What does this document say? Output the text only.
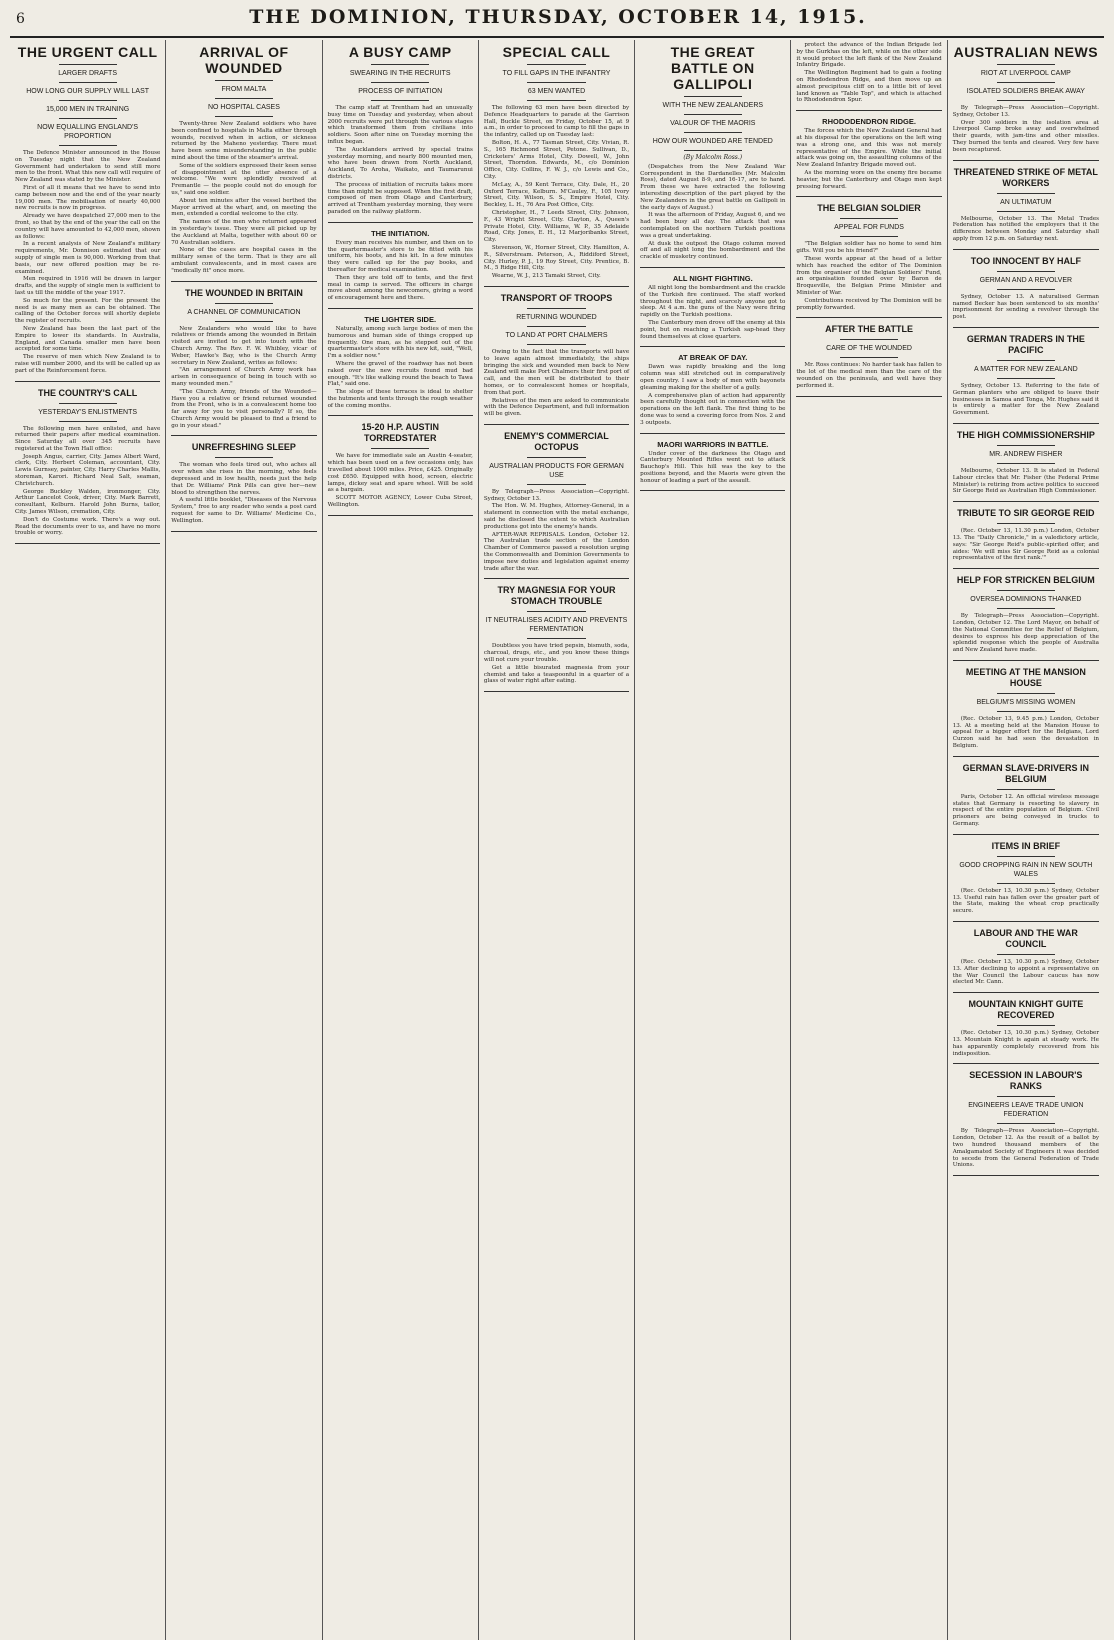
6	THE DOMINION, THURSDAY, OCTOBER 14, 1915.
THE URGENT CALL
LARGER DRAFTS
HOW LONG OUR SUPPLY WILL LAST
15,000 MEN IN TRAINING
NOW EQUALLING ENGLAND'S PROPORTION

The Defence Minister announced in the House on Tuesday night that the New Zealand Government had undertaken to send still more men to the front. What this new call will require of New Zealand was stated by the Minister.

First of all it means that we have to send into camp between now and the end of the year nearly 19,000 men. The mobilisation of nearly 40,000 new recruits is now in progress.

Already we have despatched 27,000 men to the front, so that by the end of the year the call on the country will have amounted to 42,000 men, shown as follows:

In a recent analysis of New Zealand's military requirements, Mr. Donnison estimated that our supply of single men is 90,000. Working from that basis, our new offered position may be re-examined.

Men required in 1916 will be drawn in larger drafts, and the supply of single men is sufficient to last us till the middle of the year 1917.

So much for the present. For the present the need is as many men as can be obtained. The calling of the October forces will shortly deplete the register of recruits.

New Zealand has been the last part of the Empire to lower its standards. In Australia, England, and Canada smaller men have been accepted for some time.

The reserve of men which New Zealand is to raise will number 2000, and its will be called up as part of the Reinforcement force.

THE COUNTRY'S CALL
YESTERDAY'S ENLISTMENTS

The following men have enlisted, and have returned their papers after medical examination. Since Saturday all over 345 recruits have registered at the Town Hall office:

Joseph Angus, carrier, City. James Albert Ward, clerk, City. Herbert Coleman, accountant, City. Lewis Gurnsey, painter, City. Harry Charles Mallis, storeman, Karori. Richard Neal Salt, seaman, Christchurch.

George Buckley Walden, ironmonger, City. Arthur Lancelot Cook, driver, City. Mark Barrett, consultant, Kelburn. Harold John Burns, tailor, City. James Wilson, cremation, City.

Don't do Costume work. There's a way out. Read the documents over to us, and have no more trouble or worry.

ARRIVAL OF WOUNDED
FROM MALTA
NO HOSPITAL CASES

Twenty-three New Zealand soldiers who have been confined to hospitals in Malta either through wounds, received when in action, or sickness returned by the Maheno yesterday. There must have been some misunderstanding in the public mind about the time of the steamer's arrival.

Some of the soldiers expressed their keen sense of disappointment at the utter absence of a welcome. "We were splendidly received at Fremantle — the people could not do enough for us," said one soldier.

About ten minutes after the vessel berthed the Mayor arrived at the wharf, and, on meeting the men, extended a cordial welcome to the city.

The names of the men who returned appeared in yesterday's issue. They were all picked up by the Auckland at Malta, together with about 60 or 70 Australian soldiers.

None of the cases are hospital cases in the military sense of the term. That is they are all ambulant convalescents, and in most cases are "medically fit" once more.

THE WOUNDED IN BRITAIN
A CHANNEL OF COMMUNICATION

New Zealanders who would like to have relatives or friends among the wounded in Britain visited are invited to get into touch with the Church Army. The Rev. F. W. Whibley, vicar of Weber, Hawke's Bay, who is the Church Army secretary in New Zealand, writes as follows:

"An arrangement of Church Army work has arisen in consequence of being in touch with so many wounded men."

"The Church Army, friends of the Wounded—Have you a relative or friend returned wounded from the Front, who is in a convalescent home too far away for you to visit personally? If so, the Church Army would be pleased to find a friend to go in your stead."

UNREFRESHING SLEEP

The woman who feels tired out, who aches all over when she rises in the morning, who feels depressed and in low health, needs just the help that Dr. Williams' Pink Pills can give her—new blood to strengthen the nerves.

A useful little booklet, "Diseases of the Nervous System," free to any reader who sends a post card request for same to Dr. Williams' Medicine Co., Wellington.

A BUSY CAMP
SWEARING IN THE RECRUITS
PROCESS OF INITIATION

The camp staff at Trentham had an unusually busy time on Tuesday and yesterday, when about 2000 recruits were put through the various stages which transformed them from civilians into soldiers. Soon after nine on Tuesday morning the influx began.

The Aucklanders arrived by special trains yesterday morning, and nearly 800 mounted men, who have been drawn from North Auckland, Auckland, To Aroha, Waikato, and Taumarunui districts.

The process of initiation of recruits takes more time than might be supposed. When the first draft, composed of men from Otago and Canterbury, arrived at Trentham yesterday morning, they were paraded on the railway platform.

THE INITIATION.

Every man receives his number, and then on to the quartermaster's store to be fitted with his uniform, his boots, and his kit. In a few minutes they were called up for the pay books, and thereafter for medical examination.

Then they are told off to tents, and the first meal in camp is served. The officers in charge move about among the newcomers, giving a word of encouragement here and there.

THE LIGHTER SIDE.

Naturally, among such large bodies of men the humorous and human side of things cropped up frequently. One man, as he stepped out of the quartermaster's store with his new kit, said, "Well, I'm a soldier now."

Where the gravel of the roadway has not been raked over the new recruits found mud bad enough. "It's like walking round the beach to Tawa Flat," said one.

The slope of these terraces is ideal to shelter the hutments and tents through the rough weather of the coming months.

15-20 H.P. AUSTIN TORREDSTATER

We have for immediate sale an Austin 4-seater, which has been used on a few occasions only, has travelled about 1000 miles. Price, £425. Originally cost £650. Equipped with hood, screen, electric lamps, dickey seat and spare wheel. Will be sold as a bargain.

SCOTT MOTOR AGENCY, Lower Cuba Street, Wellington.

SPECIAL CALL
TO FILL GAPS IN THE INFANTRY
63 MEN WANTED

The following 63 men have been directed by Defence Headquarters to parade at the Garrison Hall, Buckle Street, on Friday, October 15, at 9 a.m., in order to proceed to camp to fill the gaps in the infantry, called up on Tuesday last:

Bolton, H. A., 77 Tasman Street, City. Vivian, R. S., 165 Richmond Street, Petone. Sullivan, D., Cricketers' Arms Hotel, City. Dowell, W., John Street, Thorndon. Edwards, M., c/o Dominion Office, City. Collins, F. W. J., c/o Lewis and Co., City.

McLay, A., 59 Kent Terrace, City. Dale, H., 20 Oxford Terrace, Kelburn. M'Cauley, F., 105 Ivory Street, City. Wilson, S. S., Empire Hotel, City. Beckley, L. H., 76 Ara Post Office, City.

Christopher, H., 7 Leeds Street, City. Johnson, F., 43 Wright Street, City. Clayton, A., Queen's Private Hotel, City. Williams, W. P., 35 Adelaide Road, City. Jones, E. H., 12 Marjoribanks Street, City.

Stevenson, W., Horner Street, City. Hamilton, A. R., Silverstream. Peterson, A., Riddiford Street, City. Hurley, P. J., 19 Roy Street, City. Prentice, B. M., 5 Ridge Hill, City.

Wearne, W. J., 213 Tamaki Street, City.

TRANSPORT OF TROOPS
RETURNING WOUNDED
TO LAND AT PORT CHALMERS

Owing to the fact that the transports will have to leave again almost immediately, the ships bringing the sick and wounded men back to New Zealand will make Port Chalmers their first port of call, and the men will be distributed to their homes, or to convalescent homes or hospitals, from that port.

Relatives of the men are asked to communicate with the Defence Department, and full information will be given.

ENEMY'S COMMERCIAL OCTOPUS
AUSTRALIAN PRODUCTS FOR GERMAN USE

By Telegraph—Press Association—Copyright. Sydney, October 13.

The Hon. W. M. Hughes, Attorney-General, in a statement in connection with the metal exchange, said he disclosed the extent to which Australian productions got into the enemy's hands.

AFTER-WAR REPRISALS. London, October 12. The Australian trade section of the London Chamber of Commerce passed a resolution urging the Commonwealth and Dominion Governments to impose new duties and legislation against enemy trade after the war.

TRY MAGNESIA FOR YOUR STOMACH TROUBLE
IT NEUTRALISES ACIDITY AND PREVENTS FERMENTATION

Doubtless you have tried pepsin, bismuth, soda, charcoal, drugs, etc., and you know these things will not cure your trouble.

Get a little bisurated magnesia from your chemist and take a teaspoonful in a quarter of a glass of water right after eating.

THE GREAT BATTLE ON GALLIPOLI
WITH THE NEW ZEALANDERS
VALOUR OF THE MAORIS
HOW OUR WOUNDED ARE TENDED
(By Malcolm Ross.)

(Despatches from the New Zealand War Correspondent in the Dardanelles (Mr. Malcolm Ross), dated August 8-9, and 16-17, are to hand. From these we have extracted the following interesting description of the part played by the New Zealanders in the great battle on Gallipoli in the early days of August.)

It was the afternoon of Friday, August 6, and we had been busy all day. The attack that was contemplated on the northern Turkish positions was a great undertaking.

At dusk the outpost the Otago column moved off and all night long the bombardment and the crackle of musketry continued.

ALL NIGHT FIGHTING.

All night long the bombardment and the crackle of the Turkish fire continued. The staff worked throughout the night, and scarcely anyone got to sleep. At 4 a.m. the guns of the Navy were firing rapidly on the Turkish positions.

The Canterbury men drove off the enemy at this point, but on reaching a Turkish sap-head they found themselves at close quarters.

AT BREAK OF DAY.

Dawn was rapidly breaking and the long column was still stretched out in comparatively open country. I saw a body of men with bayonets gleaming making for the shelter of a gully.

A comprehensive plan of action had apparently been carefully thought out in connection with the operations on the left flank. The first thing to be done was to send a covering force from Nos. 2 and 3 outposts.

MAORI WARRIORS IN BATTLE.

Under cover of the darkness the Otago and Canterbury Mounted Rifles went out to attack Bauchop's Hill. This hill was the key to the positions beyond, and the Maoris were given the honour of leading a part of the assault.

protect the advance of the Indian Brigade led by the Gurkhas on the left, while on the other side it would protect the left flank of the New Zealand Infantry Brigade.

The Wellington Regiment had to gain a footing on Rhododendron Ridge, and then move up an almost precipitous cliff on to a little bit of level land known as "Table Top", and which is attached to Rhododendron Spur.

RHODODENDRON RIDGE.

The forces which the New Zealand General had at his disposal for the operations on the left wing was a strong one, and this was not merely representative of the Empire. While the initial attack was going on, the assaulting columns of the New Zealand Infantry Brigade moved out.

As the morning wore on the enemy fire became heavier, but the Canterbury and Otago men kept pressing forward.

THE BELGIAN SOLDIER
APPEAL FOR FUNDS

"The Belgian soldier has no home to send him gifts. Will you be his friend?"

These words appear at the head of a letter which has reached the editor of The Dominion from the organiser of the Belgian Soldiers' Fund, an organisation founded over by Baron de Broqueville, the Belgian Prime Minister and Minister of War.

Contributions received by The Dominion will be promptly forwarded.

AFTER THE BATTLE
CARE OF THE WOUNDED

Mr. Ross continues: No harder task has fallen to the lot of the medical men than the care of the wounded on the peninsula, and well have they performed it.

AUSTRALIAN NEWS
RIOT AT LIVERPOOL CAMP
ISOLATED SOLDIERS BREAK AWAY

By Telegraph—Press Association—Copyright. Sydney, October 13.

Over 300 soldiers in the isolation area at Liverpool Camp broke away and overwhelmed their guards, with jam-tins and other missiles. They burned the tents and cleared. Very few have been recaptured.

THREATENED STRIKE OF METAL WORKERS
AN ULTIMATUM

Melbourne, October 13. The Metal Trades Federation has notified the employers that it the difference between Monday and Saturday shall apply from 12 p.m. on Saturday next.

TOO INNOCENT BY HALF
GERMAN AND A REVOLVER

Sydney, October 13. A naturalised German named Becker has been sentenced to six months' imprisonment for sending a revolver through the post.

GERMAN TRADERS IN THE PACIFIC
A MATTER FOR NEW ZEALAND

Sydney, October 13. Referring to the fate of German planters who are obliged to leave their businesses in Samoa and Tonga, Mr. Hughes said it is entirely a matter for the New Zealand Government.

THE HIGH COMMISSIONERSHIP
MR. ANDREW FISHER

Melbourne, October 13. It is stated in Federal Labour circles that Mr. Fisher (the Federal Prime Minister) is retiring from active politics to succeed Sir George Reid as Australian High Commissioner.

TRIBUTE TO SIR GEORGE REID

(Rec. October 13, 11.30 p.m.) London, October 13. The "Daily Chronicle," in a valedictory article, says: "Sir George Reid's public-spirited offer, and aides: 'We will miss Sir George Reid as a colonial representative of the first rank.'"

HELP FOR STRICKEN BELGIUM
OVERSEA DOMINIONS THANKED

By Telegraph—Press Association—Copyright. London, October 12. The Lord Mayor, on behalf of the National Committee for the Relief of Belgium, desires to express his deep appreciation of the splendid response which the people of Australia and New Zealand have made.

MEETING AT THE MANSION HOUSE
BELGIUM'S MISSING WOMEN

(Rec. October 13, 9.45 p.m.) London, October 13. At a meeting held at the Mansion House to appeal for a bigger effort for the Belgians, Lord Curzon said he had seen the devastation in Belgium.

GERMAN SLAVE-DRIVERS IN BELGIUM

Paris, October 12. An official wireless message states that Germany is resorting to slavery in respect of the entire population of Belgium. Civil prisoners are being conveyed in trucks to Germany.

ITEMS IN BRIEF
GOOD CROPPING RAIN IN NEW SOUTH WALES

(Rec. October 13, 10.30 p.m.) Sydney, October 13. Useful rain has fallen over the greater part of the State, making the wheat crop practically secure.

LABOUR AND THE WAR COUNCIL

(Rec. October 13, 10.30 p.m.) Sydney, October 13. After declining to appoint a representative on the War Council the Labour caucus has now elected Mr. Cann.

MOUNTAIN KNIGHT GUITE RECOVERED

(Rec. October 13, 10.30 p.m.) Sydney, October 13. Mountain Knight is again at steady work. He has apparently completely recovered from his indisposition.

SECESSION IN LABOUR'S RANKS
ENGINEERS LEAVE TRADE UNION FEDERATION

By Telegraph—Press Association—Copyright. London, October 12. As the result of a ballot by two hundred thousand members of the Amalgamated Society of Engineers it was decided to secede from the General Federation of Trade Unions.
